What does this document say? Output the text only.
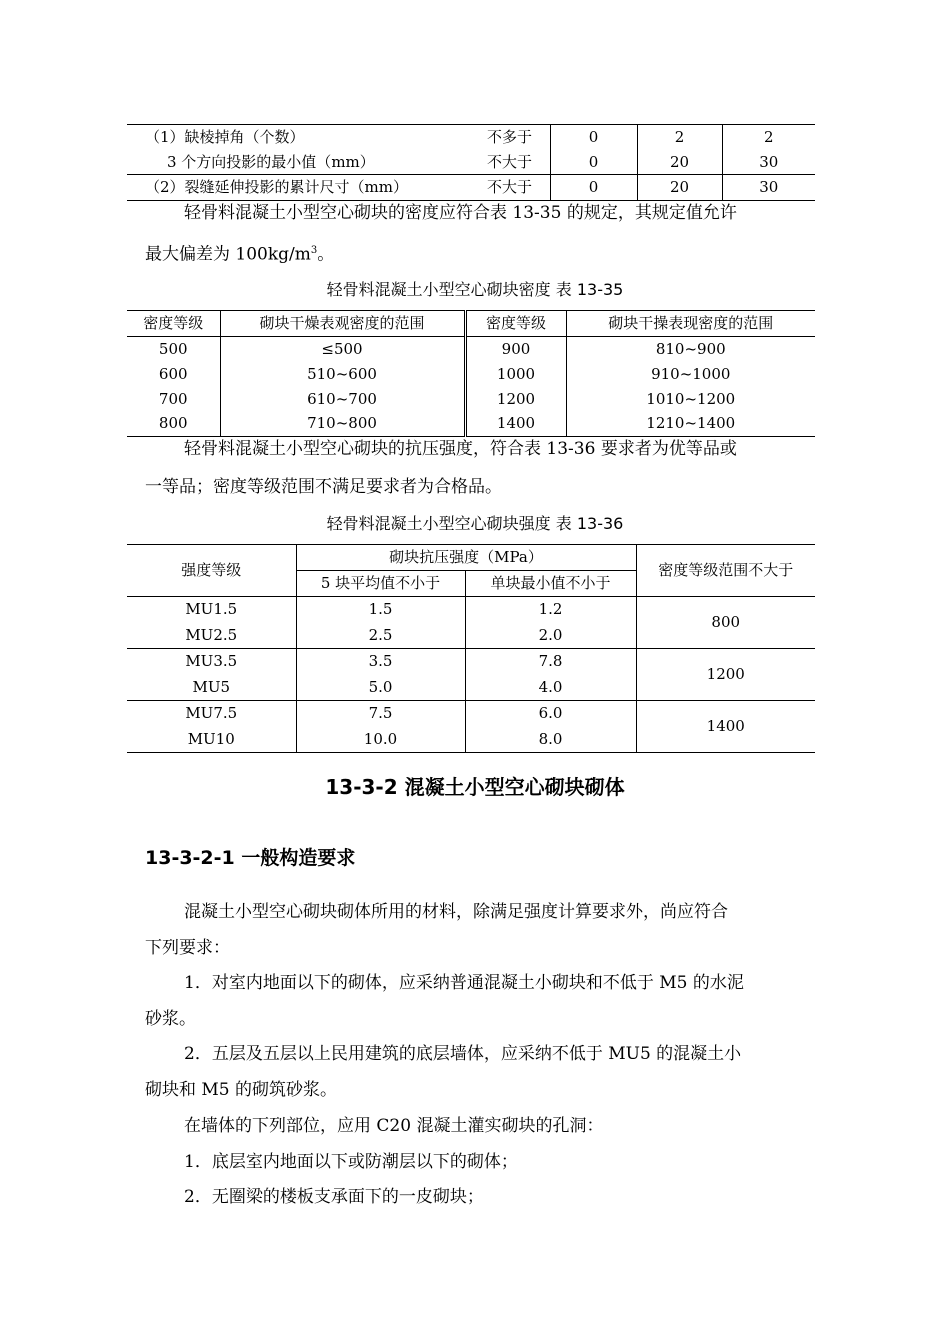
（1）缺棱掉角（个数）	不多于	0	2	2
3 个方向投影的最小值（mm）	不大于	0	20	30
（2）裂缝延伸投影的累计尺寸（mm）	不大于	0	20	30
轻骨料混凝土小型空心砌块的密度应符合表 13-35 的规定，其规定值允许
最大偏差为 $100kg/m^3$。
轻骨料混凝土小型空心砌块密度 表 13-35
密度等级	砌块干燥表观密度的范围	密度等级	砌块干操表现密度的范围
500	≤500	900	810~900
600	510~600	1000	910~1000
700	610~700	1200	1010~1200
800	710~800	1400	1210~1400
轻骨料混凝土小型空心砌块的抗压强度，符合表 13-36 要求者为优等品或
一等品；密度等级范围不满足要求者为合格品。
轻骨料混凝土小型空心砌块强度 表 13-36
强度等级	砌块抗压强度（MPa）		密度等级范围不大于
	5 块平均值不小于	单块最小值不小于	
MU1.5	1.5	1.2	800
MU2.5	2.5	2.0	
MU3.5	3.5	7.8	1200
MU5	5.0	4.0	
MU7.5	7.5	6.0	1400
MU10	10.0	8.0	
13-3-2 混凝土小型空心砌块砌体
13-3-2-1 一般构造要求
混凝土小型空心砌块砌体所用的材料，除满足强度计算要求外，尚应符合
下列要求：
1．对室内地面以下的砌体，应采纳普通混凝土小砌块和不低于 M5 的水泥
砂浆。
2．五层及五层以上民用建筑的底层墙体，应采纳不低于 MU5 的混凝土小
砌块和 M5 的砌筑砂浆。
在墙体的下列部位，应用 C20 混凝土灌实砌块的孔洞：
1．底层室内地面以下或防潮层以下的砌体；
2．无圈梁的楼板支承面下的一皮砌块；
